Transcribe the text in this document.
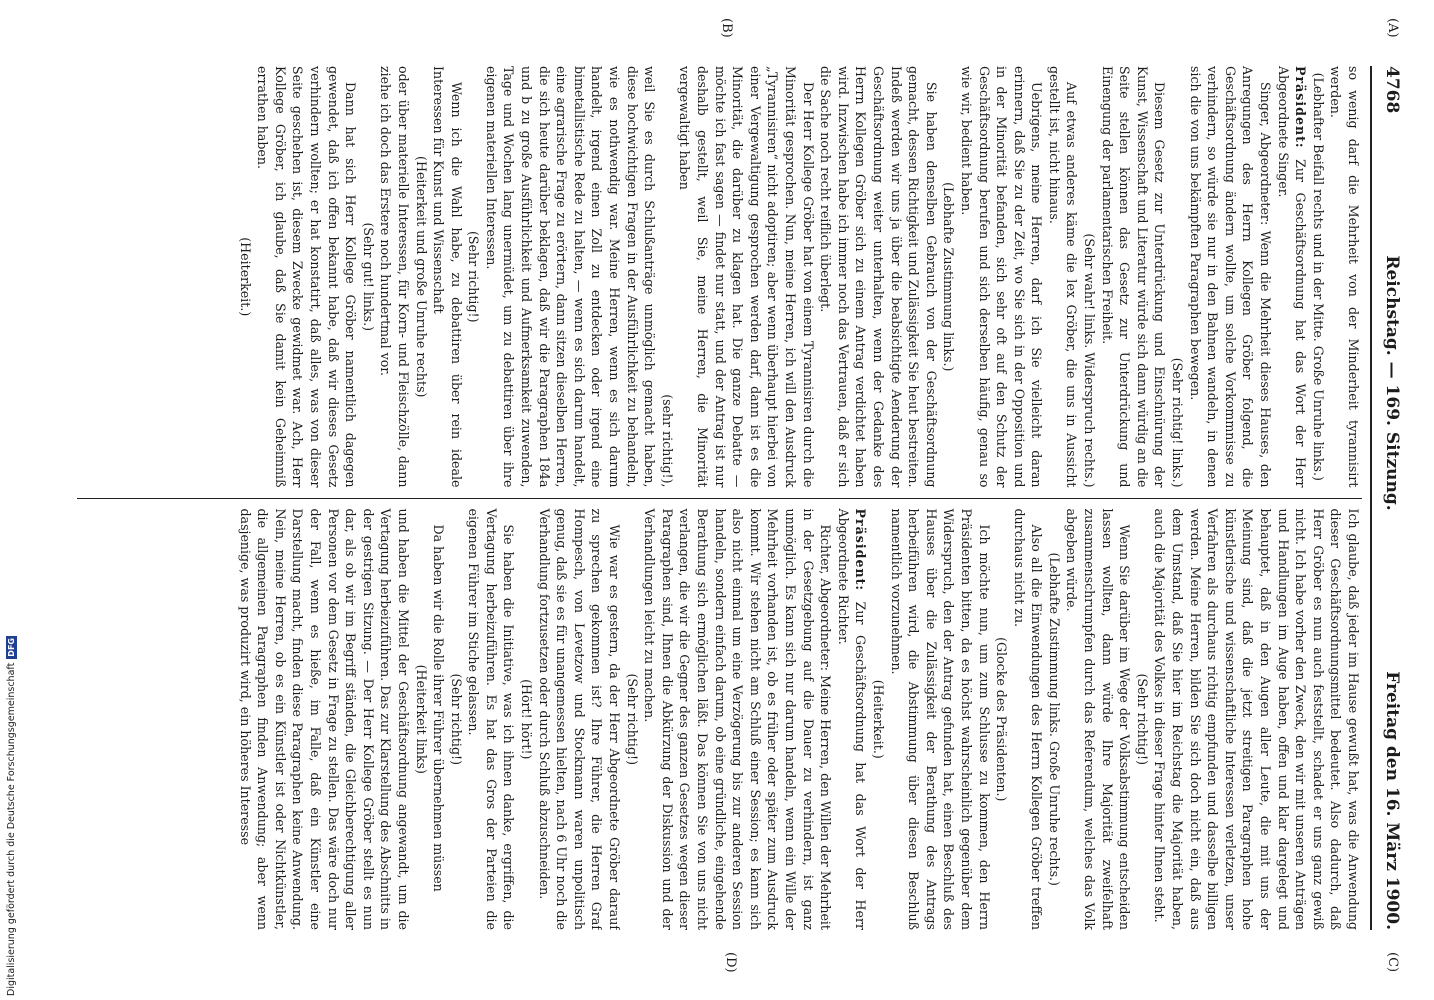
(A)
(B)
(C)
(D)
4768
Reichstag. — 169. Sitzung.
Freitag den 16. März 1900.

so wenig darf die Mehrheit von der Minderheit tyrannisirt werden.

(Lebhafter Beifall rechts und in der Mitte. Große Unruhe links.)

Präsident: Zur Geschäftsordnung hat das Wort der Herr Abgeordnete Singer.

Singer, Abgeordneter: Wenn die Mehrheit dieses Hauses, den Anregungen des Herrn Kollegen Gröber folgend, die Geschäftsordnung ändern wollte, um solche Vorkommnisse zu verhindern, so würde sie nur in den Bahnen wandeln, in denen sich die von uns bekämpften Paragraphen bewegen.

(Sehr richtig! links.)

Diesem Gesetz zur Unterdrückung und Einschnürung der Kunst, Wissenschaft und Literatur würde sich dann würdig an die Seite stellen können das Gesetz zur Unterdrückung und Einengung der parlamentarischen Freiheit.

(Sehr wahr! links. Widerspruch rechts.)

Auf etwas anderes käme die lex Gröber, die uns in Aussicht gestellt ist, nicht hinaus.

Uebrigens, meine Herren, darf ich Sie vielleicht daran erinnern, daß Sie zu der Zeit, wo Sie sich in der Opposition und in der Minorität befanden, sich sehr oft auf den Schutz der Geschäftsordnung berufen und sich derselben häufig, genau so wie wir, bedient haben.

(Lebhafte Zustimmung links.)

Sie haben denselben Gebrauch von der Geschäftsordnung gemacht, dessen Richtigkeit und Zulässigkeit Sie heut bestreiten. Indeß werden wir uns ja über die beabsichtigte Aenderung der Geschäftsordnung weiter unterhalten, wenn der Gedanke des Herrn Kollegen Gröber sich zu einem Antrag verdichtet haben wird. Inzwischen habe ich immer noch das Vertrauen, daß er sich die Sache noch recht reiflich überlegt.

Der Herr Kollege Gröber hat von einem Tyrannisiren durch die Minorität gesprochen. Nun, meine Herren, ich will den Ausdruck „Tyrannisiren“ nicht adoptiren; aber wenn überhaupt hierbei von einer Vergewaltigung gesprochen werden darf, dann ist es die Minorität, die darüber zu klagen hat. Die ganze Debatte — möchte ich fast sagen — findet nur statt, und der Antrag ist nur deshalb gestellt, weil Sie, meine Herren, die Minorität vergewaltigt haben

(sehr richtig!),

weil Sie es durch Schlußanträge unmöglich gemacht haben, diese hochwichtigen Fragen in der Ausführlichkeit zu behandeln, wie es nothwendig war. Meine Herren, wenn es sich darum handelt, irgend einen Zoll zu entdecken oder irgend eine bimetallistische Rede zu halten, — wenn es sich darum handelt, eine agrarische Frage zu erörtern, dann sitzen dieselben Herren, die sich heute darüber beklagen, daß wir die Paragraphen 184a und b zu große Ausführlichkeit und Aufmerksamkeit zuwenden, Tage und Wochen lang unermüdet, um zu debattiren über ihre eigenen materiellen Interessen.

(Sehr richtig!)

Wenn ich die Wahl habe, zu debattiren über rein ideale Interessen für Kunst und Wissenschaft

(Heiterkeit und große Unruhe rechts)

oder über materielle Interessen, für Korn- und Fleischzölle, dann ziehe ich doch das Erstere noch hundertmal vor.

(Sehr gut! links.)

Dann hat sich Herr Kollege Gröber namentlich dagegen gewendet, daß ich offen bekannt habe, daß wir dieses Gesetz verhindern wollten; er hat konstatirt, daß alles, was von dieser Seite geschehen ist, diesem Zwecke gewidmet war. Ach, Herr Kollege Gröber, ich glaube, daß Sie damit kein Geheimniß errathen haben.

(Heiterkeit.)

Ich glaube, daß jeder im Hause gewußt hat, was die Anwendung dieser Geschäftsordnungsmittel bedeutet. Also dadurch, daß Herr Gröber es nun auch feststellt, schadet er uns ganz gewiß nicht. Ich habe vorher den Zweck, den wir mit unseren Anträgen und Handlungen im Auge haben, offen und klar dargelegt und behauptet, daß in den Augen aller Leute, die mit uns der Meinung sind, daß die jetzt streitigen Paragraphen hohe künstlerische und wissenschaftliche Interessen verletzen, unser Verfahren als durchaus richtig empfunden und dasselbe billigen werden. Meine Herren, bilden Sie sich doch nicht ein, daß aus dem Umstand, daß Sie hier im Reichstag die Majorität haben, auch die Majorität des Volkes in dieser Frage hinter Ihnen steht.

(Sehr richtig!)

Wenn Sie darüber im Wege der Volksabstimmung entscheiden lassen wollten, dann würde Ihre Majorität zweifelhaft zusammenschrumpfen durch das Referendum, welches das Volk abgeben würde.

(Lebhafte Zustimmung links. Große Unruhe rechts.)

Also all die Einwendungen des Herrn Kollegen Gröber treffen durchaus nicht zu.

(Glocke des Präsidenten.)

Ich möchte nun, um zum Schlusse zu kommen, den Herrn Präsidenten bitten, da es höchst wahrscheinlich gegenüber dem Widerspruch, den der Antrag gefunden hat, einen Beschluß des Hauses über die Zulässigkeit der Berathung des Antrags herbeiführen wird, die Abstimmung über diesen Beschluß namentlich vorzunehmen.

(Heiterkeit.)

Präsident: Zur Geschäftsordnung hat das Wort der Herr Abgeordnete Richter.

Richter, Abgeordneter: Meine Herren, den Willen der Mehrheit in der Gesetzgebung auf die Dauer zu verhindern, ist ganz unmöglich. Es kann sich nur darum handeln, wenn ein Wille der Mehrheit vorhanden ist, ob es früher oder später zum Ausdruck kommt. Wir stehen nicht am Schluß einer Session; es kann sich also nicht einmal um eine Verzögerung bis zur anderen Session handeln, sondern einfach darum, ob eine gründliche, eingehende Berathung sich ermöglichen läßt. Das können Sie von uns nicht verlangen, die wir die Gegner des ganzen Gesetzes wegen dieser Paragraphen sind, Ihnen die Abkürzung der Diskussion und der Verhandlungen leicht zu machen.

(Sehr richtig!)

Wie war es gestern, da der Herr Abgeordnete Gröber darauf zu sprechen gekommen ist? Ihre Führer, die Herren Graf Hompesch, von Levetzow und Stockmann waren unpolitisch genug, daß sie es für unangemessen hielten, nach 6 Uhr noch die Verhandlung fortzusetzen oder durch Schluß abzuschneiden.

(Hört! hört!)

Sie haben die Initiative, was ich ihnen danke, ergriffen, die Vertagung herbeizuführen. Es hat das Gros der Parteien die eigenen Führer im Stiche gelassen.

(Sehr richtig!)

Da haben wir die Rolle ihrer Führer übernehmen müssen

(Heiterkeit links)

und haben die Mittel der Geschäftsordnung angewandt, um die Vertagung herbeizuführen. Das zur Klarstellung des Abschnitts in der gestrigen Sitzung. — Der Herr Kollege Gröber stellt es nun dar, als ob wir im Begriff ständen, die Gleichberechtigung aller Personen vor dem Gesetz in Frage zu stellen. Das wäre doch nur der Fall, wenn es hieße, im Falle, daß ein Künstler eine Darstellung macht, finden diese Paragraphen keine Anwendung. Nein, meine Herren, ob es ein Künstler ist oder Nichtkünstler, die allgemeinen Paragraphen finden Anwendung; aber wenn dasjenige, was produzirt wird, ein höheres Interesse

Digitalisierung gefördert durch die Deutsche Forschungsgemeinschaft
DFG
